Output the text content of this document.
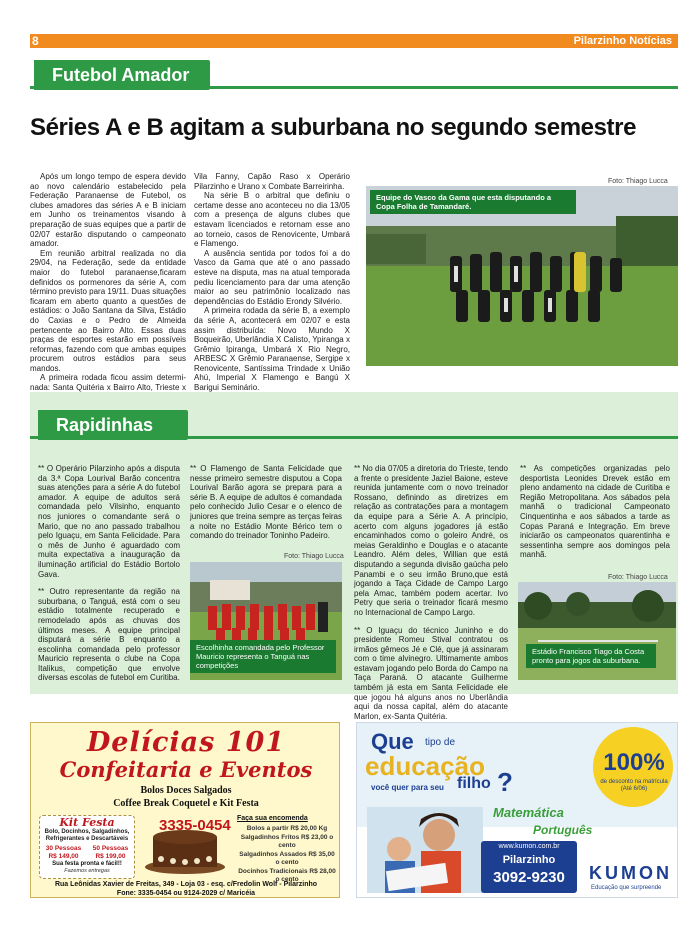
8	Pilarzinho Notícias
Futebol Amador
Séries A e B agitam a suburbana no segundo semestre

Após um longo tempo de espera devido ao novo calendário estabelecido pela Federação Paranaense de Futebol, os clubes amadores das séries A e B iniciam em Junho os treinamentos visando à preparação de suas equipes que a partir de 02/07 estarão disputando o campeonato amador.

Em reunião arbitral realizada no dia 29/04, na Federação, sede da entidade maior do futebol paranaense,ficaram definidos os pormenores da série A, com término previsto para 19/11. Duas situações ficaram em aberto quanto a questões de estádios: o João Santana da Silva, Estádio do Caxias e o Pedro de Almeida pertencente ao Bairro Alto. Essas duas praças de esportes estarão em possíveis reformas, fazendo com que ambas equipes procurem outros estádios para seus mandos.

A primeira rodada ficou assim determi-nada: Santa Quitéria x Bairro Alto, Trieste x

Vila Fanny, Capão Raso x Operário Pilarzinho e Urano x Combate Barreirinha.

Na série B o arbitral que definiu o certame desse ano aconteceu no dia 13/05 com a presença de alguns clubes que estavam licenciados e retornam esse ano ao torneio, casos de Renovicente, Umbará e Flamengo.

A ausência sentida por todos foi a do Vasco da Gama que até o ano passado esteve na disputa, mas na atual temporada pediu licenciamento para dar uma atenção maior ao seu patrimônio localizado nas dependências do Estádio Erondy Silvério.

A primeira rodada da série B, a exemplo da série A, acontecerá em 02/07 e esta assim distribuída: Novo Mundo X Boqueirão, Uberlândia X Calisto, Ypiranga x Grêmio Ipiranga, Umbará X Rio Negro, ARBESC X Grêmio Paranaense, Sergipe x Renovicente, Santíssima Trindade x União Ahú, Imperial X Flamengo e Bangú X Barigui Seminário.

Foto: Thiago Lucca
Equipe do Vasco da Gama que esta disputando a Copa Folha de Tamandaré.
Rapidinhas

** O Operário Pilarzinho após a disputa da 3.ª Copa Lourival Barão concentra suas atenções para a série A do futebol amador. A equipe de adultos será comandada pelo Vilsinho, enquanto nos juniores o comandante será o Mario, que no ano passado trabalhou pelo Iguaçu, em Santa Felicidade. Para o mês de Junho é aguardado com muita expectativa a inauguração da iluminação artificial do Estádio Bortolo Gava.

** Outro representante da região na suburbana, o Tanguá, está com o seu estádio totalmente recuperado e remodelado após as chuvas dos últimos meses. A equipe principal disputará a série B enquanto a escolinha comandada pelo professor Mauricio representa o clube na Copa Italikus, competição que envolve diversas escolas de futebol em Curitiba.

** O Flamengo de Santa Felicidade que nesse primeiro semestre disputou a Copa Lourival Barão agora se prepara para a série B. A equipe de adultos é comandada pelo conhecido Julio Cesar e o elenco de juniores que treina sempre as terças feiras a noite no Estádio Monte Bérico tem o comando do treinador Toninho Padeiro.

Foto: Thiago Lucca
Escolhinha comandada pelo Professor Mauricio representa o Tanguá nas competições

** No dia 07/05 a diretoria do Trieste, tendo a frente o presidente Jaziel Baione, esteve reunida juntamente com o novo treinador Rossano, definindo as diretrizes em relação as contratações para a montagem da equipe para a Série A. A princípio, acerto com alguns jogadores já estão encaminhados como o goleiro André, os meias Geraldinho e Douglas e o atacante Leandro. Além deles, Willian que está disputando a segunda divisão gaúcha pelo Panambi e o seu irmão Bruno,que está jogando a Taça Cidade de Campo Largo pela Amac, também podem acertar. Ivo Petry que seria o treinador ficará mesmo no Internacional de Campo Largo.

** O Iguaçu do técnico Juninho e do presidente Romeu Stival contratou os irmãos gêmeos Jé e Clé, que já assinaram com o time alvinegro. Ultimamente ambos estavam jogando pelo Borda do Campo na Taça Paraná. O atacante Guilherme também já esta em Santa Felicidade ele que jogou há alguns anos no Uberlândia aqui da nossa capital, além do atacante Marlon, ex-Santa Quitéria.

** As competições organizadas pelo desportista Leonides Drevek estão em pleno andamento na cidade de Curitiba e Região Metropolitana. Aos sábados pela manhã o tradicional Campeonato Cinquentinha e aos sábados a tarde as Copas Paraná e Integração. Em breve iniciarão os campeonatos quarentinha e sessentinha sempre aos domingos pela manhã.

Foto: Thiago Lucca
Estádio Francisco Tiago da Costa pronto para jogos da suburbana.
Delícias 101
Confeitaria e Eventos
Bolos Doces Salgados
Coffee Break Coquetel e Kit Festa
Kit Festa
Bolo, Docinhos, Salgadinhos, Refrigerantes e Descartáveis
30 Pessoas
R$ 149,00
50 Pessoas
R$ 199,00
Sua festa pronta e fácil!!
Fazemos entregas
3335-0454 Faça sua encomenda
Bolos a partir R$ 20,00 Kg
Salgadinhos Fritos R$ 23,00 o cento
Salgadinhos Assados R$ 35,00 o cento
Docinhos Tradicionais R$ 28,00 o cento
Rua Leônidas Xavier de Freitas, 349 - Loja 03 - esq. c/Fredolin Wolf - Pilarzinho
Fone: 3335-0454 ou 9124-2029 c/ Maricéia
Que tipo de
educação
você quer para seu filho ?
100%
de desconto na matrícula (Até 6/06)
Matemática
Português
www.kumon.com.br
Pilarzinho
3092-9230	KUMON
Educação que surpreende
